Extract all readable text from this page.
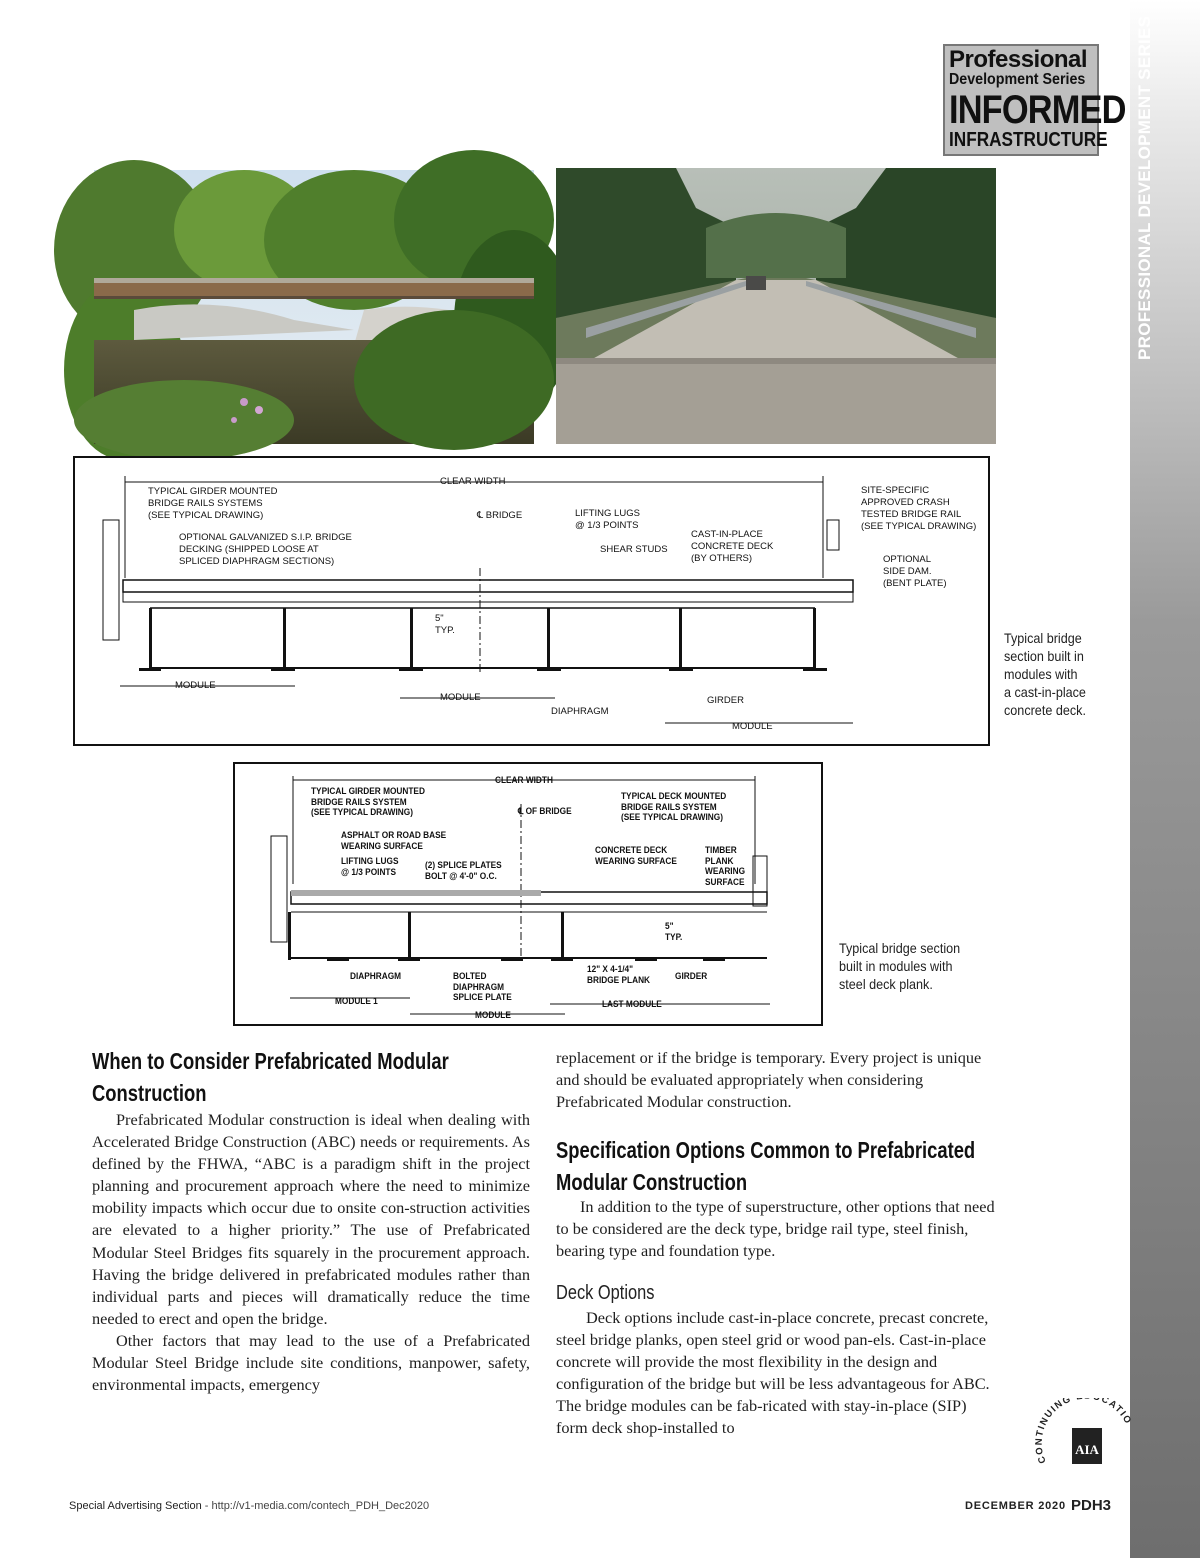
PROFESSIONAL DEVELOPMENT SERIES
Professional
Development Series
INFORMED
INFRASTRUCTURE
CLEAR WIDTH
TYPICAL GIRDER MOUNTED
BRIDGE RAILS SYSTEMS
(SEE TYPICAL DRAWING)
OPTIONAL GALVANIZED S.I.P. BRIDGE
DECKING (SHIPPED LOOSE AT
SPLICED DIAPHRAGM SECTIONS)
℄ BRIDGE	LIFTING LUGS
@ 1/3 POINTS
SHEAR STUDS
CAST-IN-PLACE
CONCRETE DECK
(BY OTHERS)
SITE-SPECIFIC
APPROVED CRASH
TESTED BRIDGE RAIL
(SEE TYPICAL DRAWING)
OPTIONAL
SIDE DAM.
(BENT PLATE)
5"
TYP.
MODULE
MODULE
DIAPHRAGM
GIRDER
MODULE
Typical bridge
section built in
modules with
a cast-in-place
concrete deck.
CLEAR WIDTH
TYPICAL GIRDER MOUNTED
BRIDGE RAILS SYSTEM
(SEE TYPICAL DRAWING)	℄ OF BRIDGE
TYPICAL DECK MOUNTED
BRIDGE RAILS SYSTEM
(SEE TYPICAL DRAWING)
ASPHALT OR ROAD BASE
WEARING SURFACE
LIFTING LUGS
@ 1/3 POINTS
(2) SPLICE PLATES
BOLT @ 4'-0" O.C.
CONCRETE DECK
WEARING SURFACE
TIMBER
PLANK
WEARING
SURFACE
5"
TYP.
DIAPHRAGM	BOLTED
DIAPHRAGM
SPLICE PLATE
12" X 4-1/4"
BRIDGE PLANK	GIRDER
MODULE 1
MODULE
LAST MODULE
Typical bridge section
built in modules with
steel deck plank.
When to Consider Prefabricated Modular
Construction

Prefabricated Modular construction is ideal when dealing with Accelerated Bridge Construction (ABC) needs or requirements. As defined by the FHWA, “ABC is a paradigm shift in the project planning and procurement approach where the need to minimize mobility impacts which occur due to onsite con-struction activities are elevated to a higher priority.” The use of Prefabricated Modular Steel Bridges fits squarely in the procurement approach. Having the bridge delivered in prefabricated modules rather than individual parts and pieces will dramatically reduce the time needed to erect and open the bridge.

Other factors that may lead to the use of a Prefabricated Modular Steel Bridge include site conditions, manpower, safety, environmental impacts, emergency

replacement or if the bridge is temporary. Every project is unique and should be evaluated appropriately when considering Prefabricated Modular construction.
Specification Options Common to Prefabricated
Modular Construction
In addition to the type of superstructure, other options that need to be considered are the deck type, bridge rail type, steel finish, bearing type and foundation type.
Deck Options
Deck options include cast-in-place concrete, precast concrete, steel bridge planks, open steel grid or wood pan-els. Cast-in-place concrete will provide the most flexibility in the design and configuration of the bridge but will be less advantageous for ABC. The bridge modules can be fab-ricated with stay-in-place (SIP) form deck shop-installed to
CONTINUING CATIO
AIA
Special Advertising Section - http://v1-media.com/contech_PDH_Dec2020	DECEMBER 2020 PDH3
